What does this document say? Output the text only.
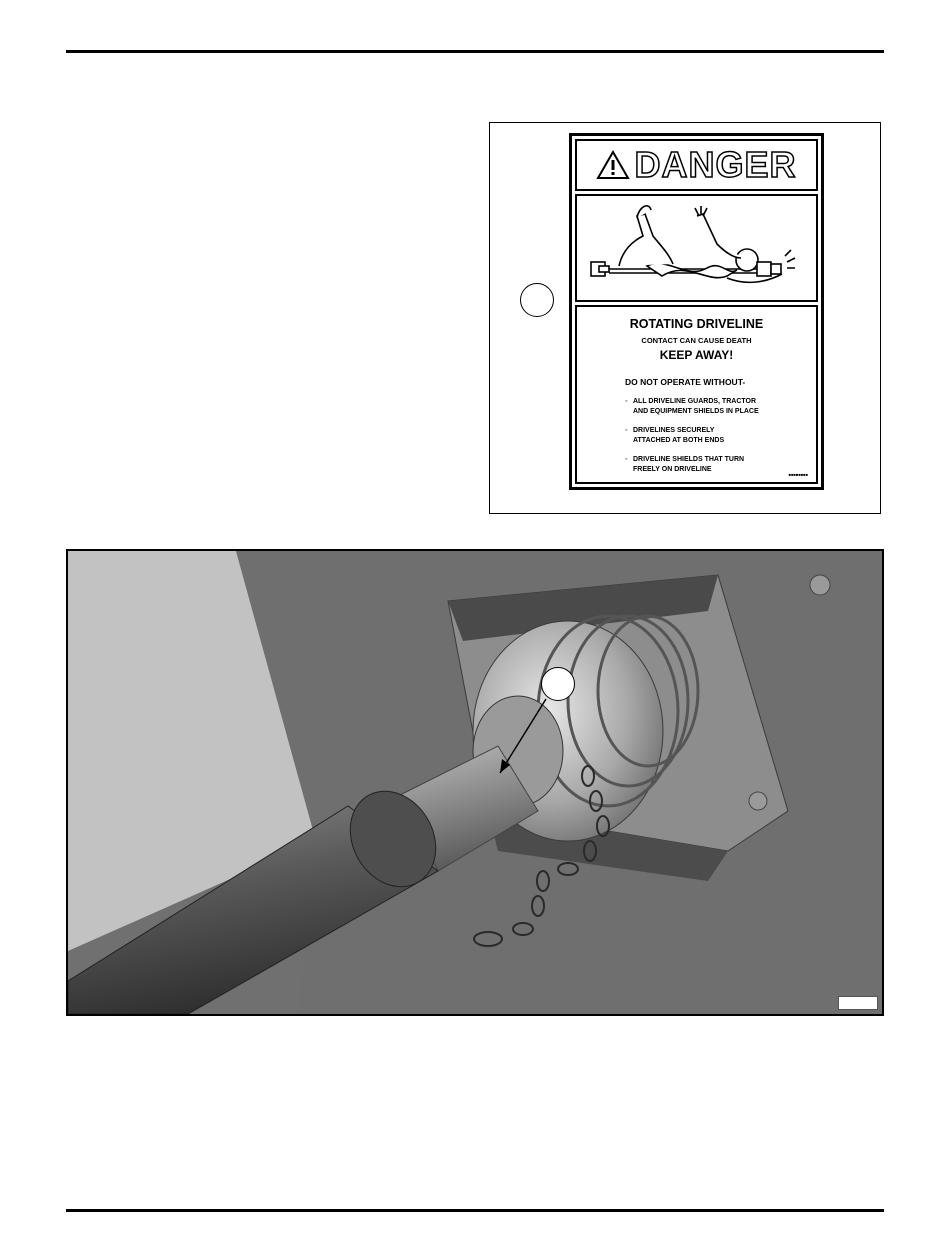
DANGER
ROTATING DRIVELINE
CONTACT CAN CAUSE DEATH
KEEP AWAY!
DO NOT OPERATE WITHOUT-
◦ ALL DRIVELINE GUARDS, TRACTOR
AND EQUIPMENT SHIELDS IN PLACE
◦ DRIVELINES SECURELY
ATTACHED AT BOTH ENDS
◦ DRIVELINE SHIELDS THAT TURN
FREELY ON DRIVELINE
■■■■■■■■
